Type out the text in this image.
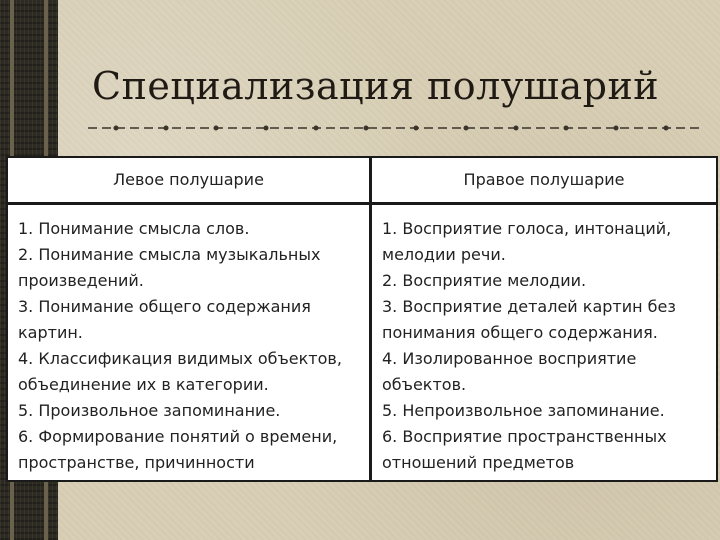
Специализация полушарий
Левое полушарие	Правое полушарие
1. Понимание смысла слов.
2. Понимание смысла музыкальных
произведений.
3. Понимание общего содержания
картин.
4. Классификация видимых объектов,
объединение их в категории.
5. Произвольное запоминание.
6. Формирование понятий о времени,
пространстве, причинности
1. Восприятие голоса, интонаций,
мелодии речи.
2. Восприятие мелодии.
3. Восприятие деталей картин без
понимания общего содержания.
4. Изолированное восприятие
объектов.
5. Непроизвольное запоминание.
6. Восприятие пространственных
отношений предметов
